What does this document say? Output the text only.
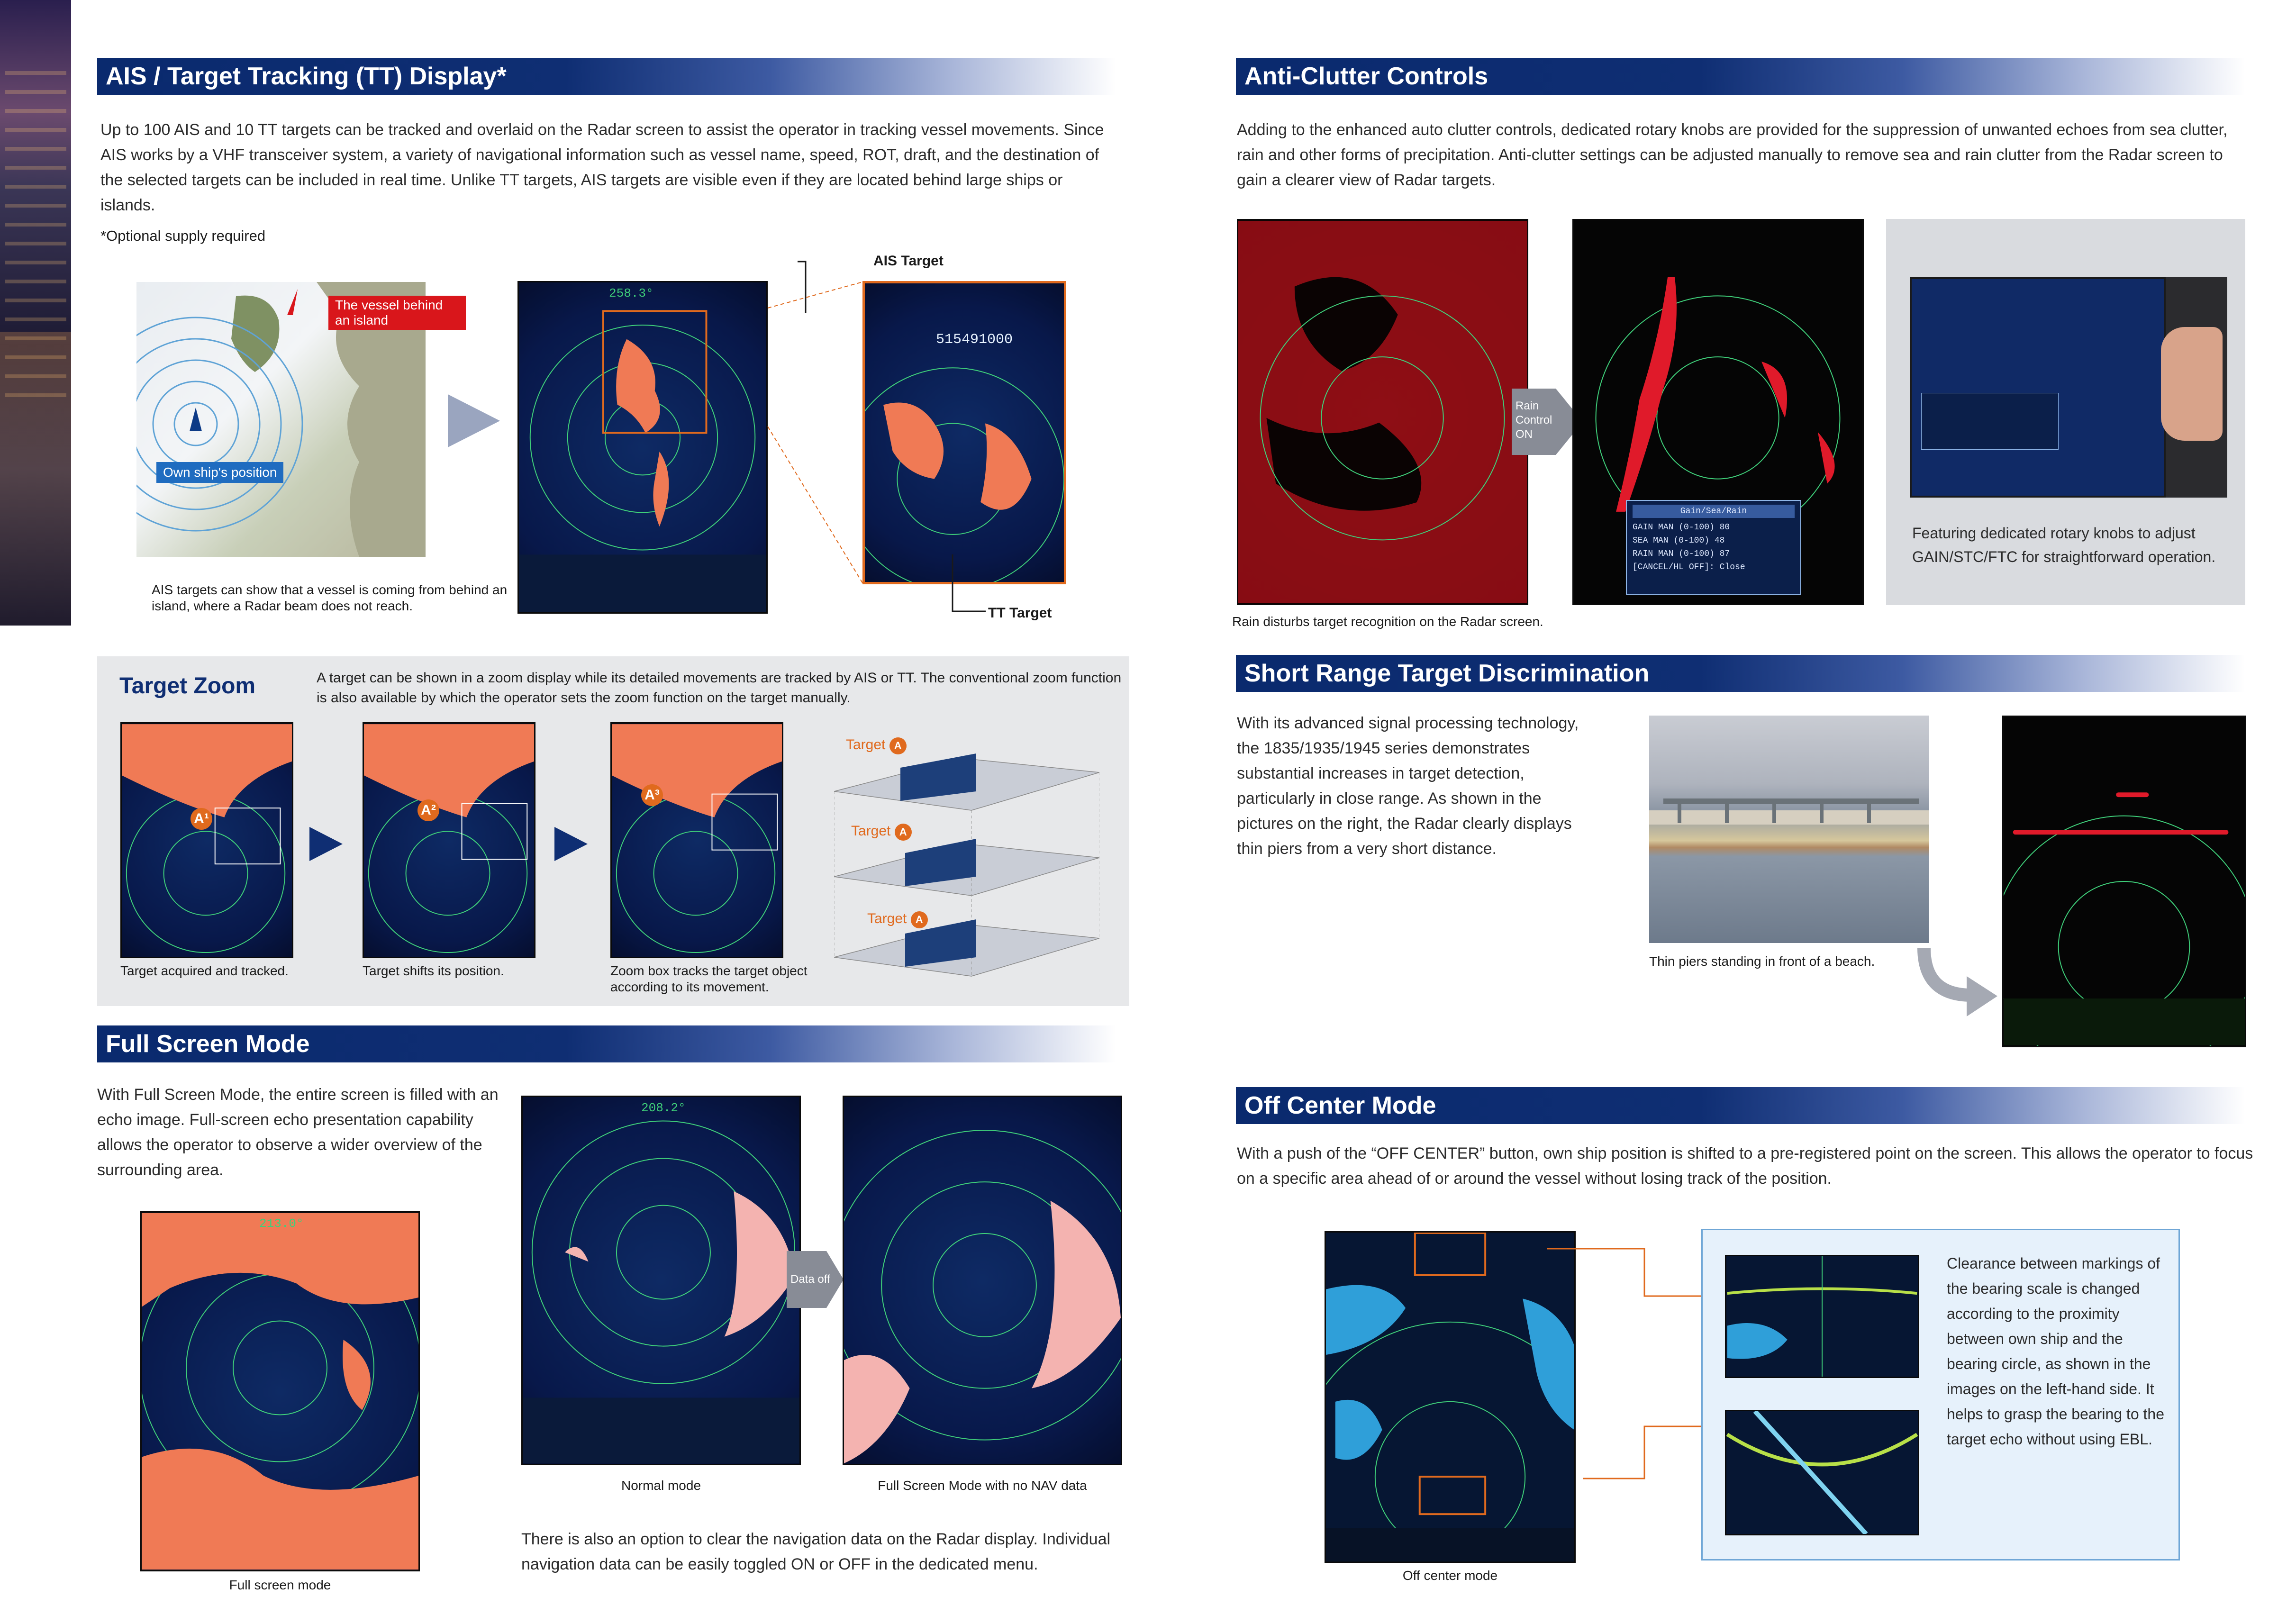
AIS / Target Tracking (TT) Display*
Up to 100 AIS and 10 TT targets can be tracked and overlaid on the Radar screen to assist the operator in tracking vessel movements. Since AIS works by a VHF transceiver system, a variety of navigational information such as vessel name, speed, ROT, draft, and the destination of the selected targets can be included in real time. Unlike TT targets, AIS targets are visible even if they are located behind large ships or islands.
*Optional supply required
The vessel behind an island
Own ship's position
AIS targets can show that a vessel is coming from behind an island, where a Radar beam does not reach.
258.3°
515491000
AIS Target
TT Target
Target Zoom	A target can be shown in a zoom display while its detailed movements are tracked by AIS or TT. The conventional zoom function is also available by which the operator sets the zoom function on the target manually.
A¹
Target acquired and tracked.
A²
Target shifts its position.
A³
Zoom box tracks the target object according to its movement.
Target A
Target A
Target A
Full Screen Mode
With Full Screen Mode, the entire screen is filled with an echo image. Full-screen echo presentation capability allows the operator to observe a wider overview of the surrounding area.
213.0°
Full screen mode
208.2°
Normal mode
Data off
Full Screen Mode with no NAV data
There is also an option to clear the navigation data on the Radar display. Individual navigation data can be easily toggled ON or OFF in the dedicated menu.
Anti-Clutter Controls
Adding to the enhanced auto clutter controls, dedicated rotary knobs are provided for the suppression of unwanted echoes from sea clutter, rain and other forms of precipitation. Anti-clutter settings can be adjusted manually to remove sea and rain clutter from the Radar screen to gain a clearer view of Radar targets.
Rain disturbs target recognition on the Radar screen.
Rain Control ON
Gain/Sea/Rain
GAIN MAN (0-100) 80
SEA MAN (0-100) 48
RAIN MAN (0-100) 87
[CANCEL/HL OFF]: Close
Featuring dedicated rotary knobs to adjust GAIN/STC/FTC for straightforward operation.
Short Range Target Discrimination
With its advanced signal processing technology, the 1835/1935/1945 series demonstrates substantial increases in target detection, particularly in close range. As shown in the pictures on the right, the Radar clearly displays thin piers from a very short distance.
Thin piers standing in front of a beach.
Off Center Mode
With a push of the “OFF CENTER” button, own ship position is shifted to a pre-registered point on the screen. This allows the operator to focus on a specific area ahead of or around the vessel without losing track of the position.
Off center mode
Clearance between markings of the bearing scale is changed according to the proximity between own ship and the bearing circle, as shown in the images on the left-hand side. It helps to grasp the bearing to the target echo without using EBL.
